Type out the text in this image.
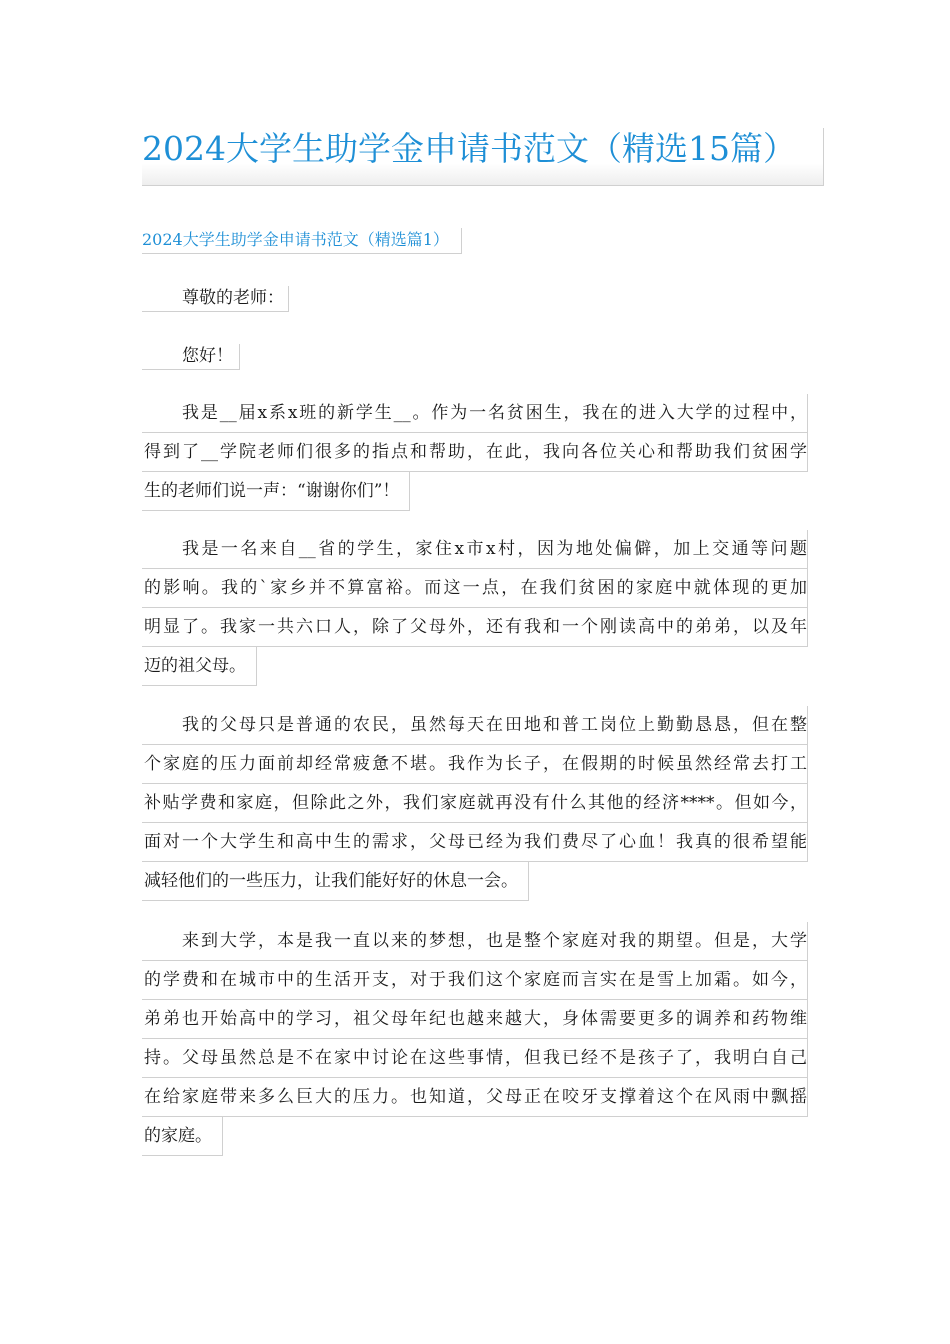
2024大学生助学金申请书范文（精选15篇）
2024大学生助学金申请书范文（精选篇1）
尊敬的老师：
您好！
我是__届x系x班的新学生__。作为一名贫困生，我在的进入大学的过程中，
得到了__学院老师们很多的指点和帮助，在此，我向各位关心和帮助我们贫困学
生的老师们说一声：“谢谢你们”！
我是一名来自__省的学生，家住x市x村，因为地处偏僻，加上交通等问题
的影响。我的`家乡并不算富裕。而这一点，在我们贫困的家庭中就体现的更加
明显了。我家一共六口人，除了父母外，还有我和一个刚读高中的弟弟，以及年
迈的祖父母。
我的父母只是普通的农民，虽然每天在田地和普工岗位上勤勤恳恳，但在整
个家庭的压力面前却经常疲惫不堪。我作为长子，在假期的时候虽然经常去打工
补贴学费和家庭，但除此之外，我们家庭就再没有什么其他的经济****。但如今，
面对一个大学生和高中生的需求，父母已经为我们费尽了心血！我真的很希望能
减轻他们的一些压力，让我们能好好的休息一会。
来到大学，本是我一直以来的梦想，也是整个家庭对我的期望。但是，大学
的学费和在城市中的生活开支，对于我们这个家庭而言实在是雪上加霜。如今，
弟弟也开始高中的学习，祖父母年纪也越来越大，身体需要更多的调养和药物维
持。父母虽然总是不在家中讨论在这些事情，但我已经不是孩子了，我明白自己
在给家庭带来多么巨大的压力。也知道，父母正在咬牙支撑着这个在风雨中飘摇
的家庭。
